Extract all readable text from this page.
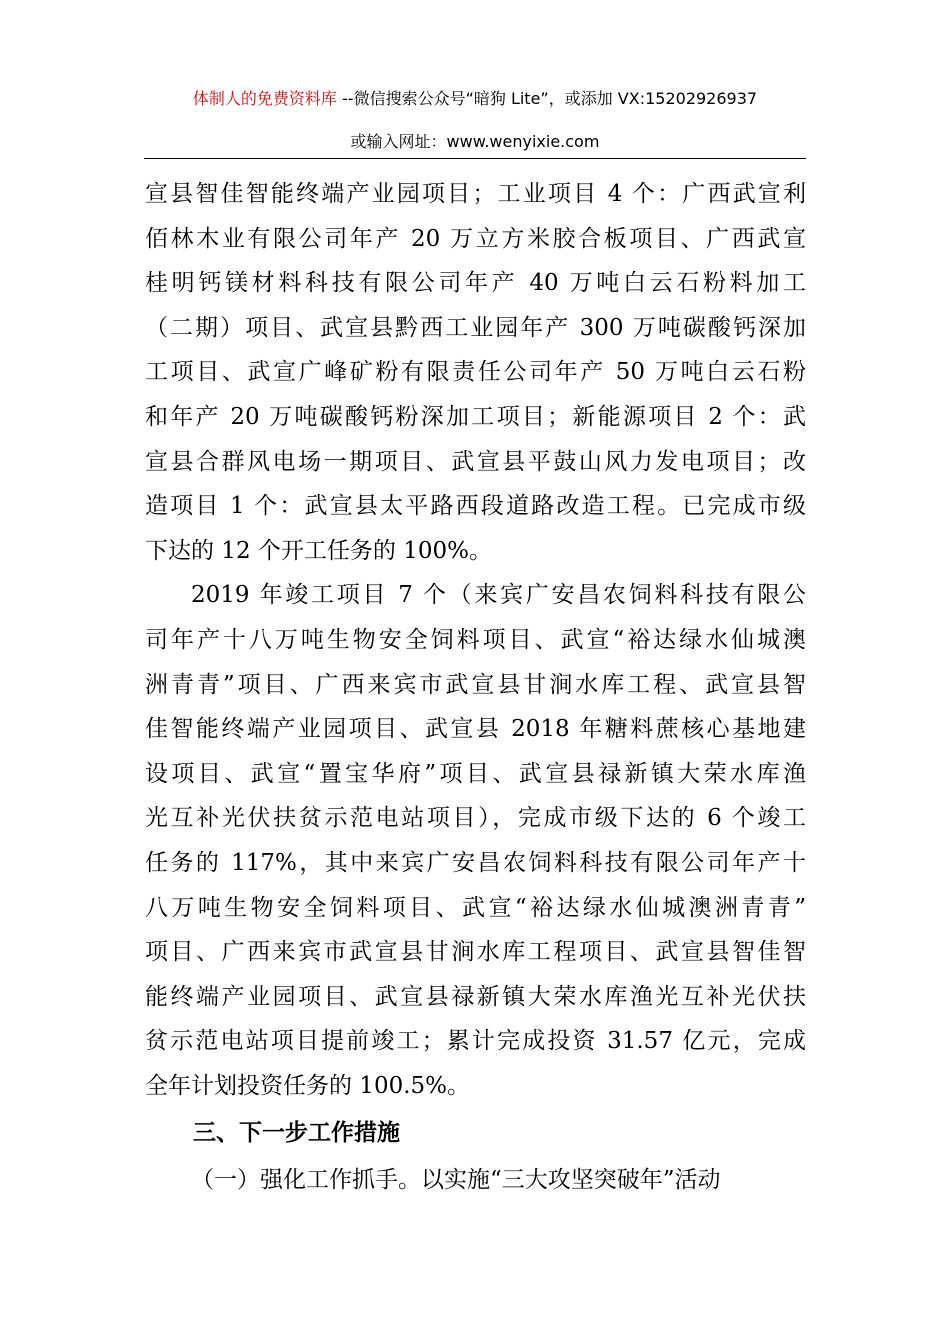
体制人的免费资料库 --微信搜索公众号“暗狗 Lite”，或添加 VX:15202926937
或输入网址：www.wenyixie.com
宣县智佳智能终端产业园项目；工业项目 4 个：广西武宣利
佰林木业有限公司年产 20 万立方米胶合板项目、广西武宣
桂明钙镁材料科技有限公司年产 40 万吨白云石粉料加工
（二期）项目、武宣县黔西工业园年产 300 万吨碳酸钙深加
工项目、武宣广峰矿粉有限责任公司年产 50 万吨白云石粉
和年产 20 万吨碳酸钙粉深加工项目；新能源项目 2 个：武
宣县合群风电场一期项目、武宣县平鼓山风力发电项目；改
造项目 1 个：武宣县太平路西段道路改造工程。已完成市级
下达的 12 个开工任务的 100%。
2019 年竣工项目 7 个（来宾广安昌农饲料科技有限公
司年产十八万吨生物安全饲料项目、武宣“裕达绿水仙城澳
洲青青”项目、广西来宾市武宣县甘涧水库工程、武宣县智
佳智能终端产业园项目、武宣县 2018 年糖料蔗核心基地建
设项目、武宣“置宝华府”项目、武宣县禄新镇大荣水库渔
光互补光伏扶贫示范电站项目），完成市级下达的 6 个竣工
任务的 117%，其中来宾广安昌农饲料科技有限公司年产十
八万吨生物安全饲料项目、武宣“裕达绿水仙城澳洲青青”
项目、广西来宾市武宣县甘涧水库工程项目、武宣县智佳智
能终端产业园项目、武宣县禄新镇大荣水库渔光互补光伏扶
贫示范电站项目提前竣工；累计完成投资 31.57 亿元，完成
全年计划投资任务的 100.5%。
三、下一步工作措施
（一）强化工作抓手。以实施“三大攻坚突破年”活动
